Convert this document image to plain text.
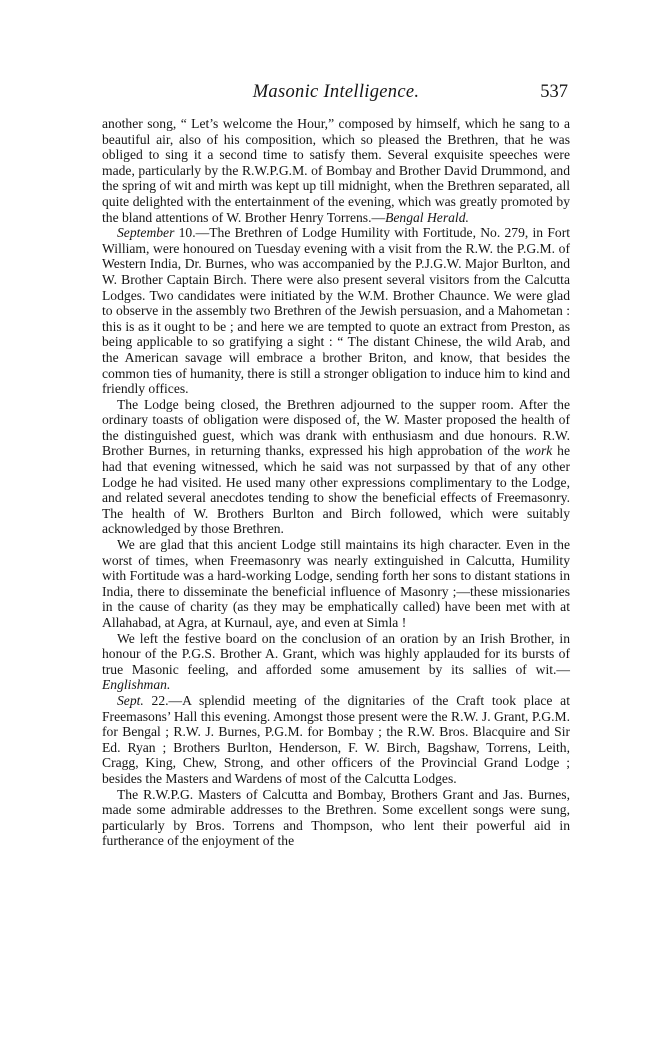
Masonic Intelligence.	537

another song, “ Let’s welcome the Hour,” composed by himself, which he sang to a beautiful air, also of his composition, which so pleased the Brethren, that he was obliged to sing it a second time to satisfy them. Several exquisite speeches were made, particularly by the R.W.P.G.M. of Bombay and Brother David Drummond, and the spring of wit and mirth was kept up till midnight, when the Brethren separated, all quite delighted with the entertainment of the evening, which was greatly promoted by the bland attentions of W. Brother Henry Torrens.—Bengal Herald.

September 10.—The Brethren of Lodge Humility with Fortitude, No. 279, in Fort William, were honoured on Tuesday evening with a visit from the R.W. the P.G.M. of Western India, Dr. Burnes, who was accompanied by the P.J.G.W. Major Burlton, and W. Brother Captain Birch. There were also present several visitors from the Calcutta Lodges. Two candidates were initiated by the W.M. Brother Chaunce. We were glad to observe in the assembly two Brethren of the Jewish persuasion, and a Mahometan : this is as it ought to be ; and here we are tempted to quote an extract from Preston, as being applicable to so gratifying a sight : “ The distant Chinese, the wild Arab, and the American savage will embrace a brother Briton, and know, that besides the common ties of humanity, there is still a stronger obligation to induce him to kind and friendly offices.

The Lodge being closed, the Brethren adjourned to the supper room. After the ordinary toasts of obligation were disposed of, the W. Master proposed the health of the distinguished guest, which was drank with enthusiasm and due honours. R.W. Brother Burnes, in returning thanks, expressed his high approbation of the work he had that evening witnessed, which he said was not surpassed by that of any other Lodge he had visited. He used many other expressions complimentary to the Lodge, and related several anecdotes tending to show the beneficial effects of Freemasonry. The health of W. Brothers Burlton and Birch followed, which were suitably acknowledged by those Brethren.

We are glad that this ancient Lodge still maintains its high character. Even in the worst of times, when Freemasonry was nearly extinguished in Calcutta, Humility with Fortitude was a hard-working Lodge, sending forth her sons to distant stations in India, there to disseminate the beneficial influence of Masonry ;—these missionaries in the cause of charity (as they may be emphatically called) have been met with at Allahabad, at Agra, at Kurnaul, aye, and even at Simla !

We left the festive board on the conclusion of an oration by an Irish Brother, in honour of the P.G.S. Brother A. Grant, which was highly applauded for its bursts of true Masonic feeling, and afforded some amusement by its sallies of wit.—Englishman.

Sept. 22.—A splendid meeting of the dignitaries of the Craft took place at Freemasons’ Hall this evening. Amongst those present were the R.W. J. Grant, P.G.M. for Bengal ; R.W. J. Burnes, P.G.M. for Bombay ; the R.W. Bros. Blacquire and Sir Ed. Ryan ; Brothers Burlton, Henderson, F. W. Birch, Bagshaw, Torrens, Leith, Cragg, King, Chew, Strong, and other officers of the Provincial Grand Lodge ; besides the Masters and Wardens of most of the Calcutta Lodges.

The R.W.P.G. Masters of Calcutta and Bombay, Brothers Grant and Jas. Burnes, made some admirable addresses to the Brethren. Some excellent songs were sung, particularly by Bros. Torrens and Thompson, who lent their powerful aid in furtherance of the enjoyment of the
